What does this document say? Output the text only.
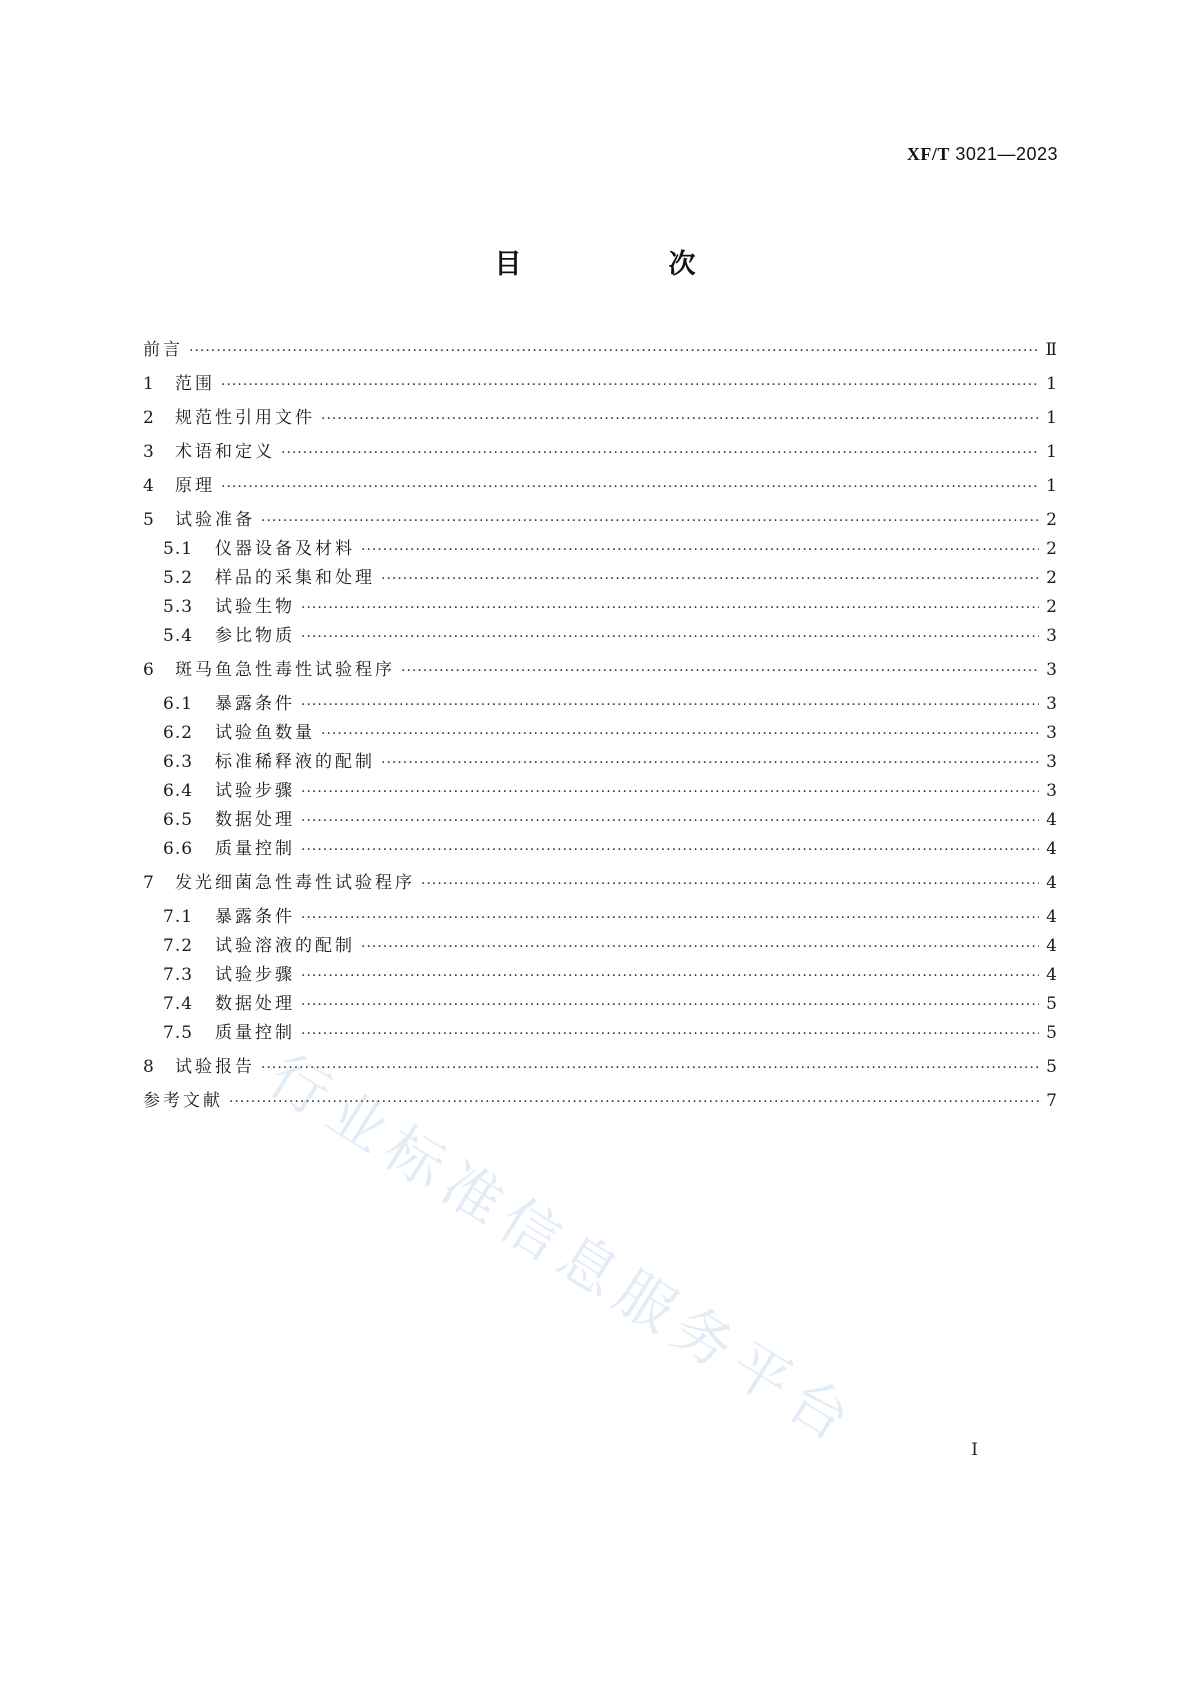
XF/T 3021—2023
目　次
前言 ·····	Ⅱ
1	范围 ·····	1
2	规范性引用文件 ·····	1
3	术语和定义 ·····	1
4	原理 ·····	1
5	试验准备 ·····	2
5.1	仪器设备及材料 ·····	2
5.2	样品的采集和处理 ·····	2
5.3	试验生物 ·····	2
5.4	参比物质 ·····	3
6	斑马鱼急性毒性试验程序 ·····	3
6.1	暴露条件 ·····	3
6.2	试验鱼数量 ·····	3
6.3	标准稀释液的配制 ·····	3
6.4	试验步骤 ·····	3
6.5	数据处理 ·····	4
6.6	质量控制 ·····	4
7	发光细菌急性毒性试验程序 ·····	4
7.1	暴露条件 ·····	4
7.2	试验溶液的配制 ·····	4
7.3	试验步骤 ·····	4
7.4	数据处理 ·····	5
7.5	质量控制 ·····	5
8	试验报告 ·····	5
参考文献 ·····	7
行业标准信息服务平台	I
